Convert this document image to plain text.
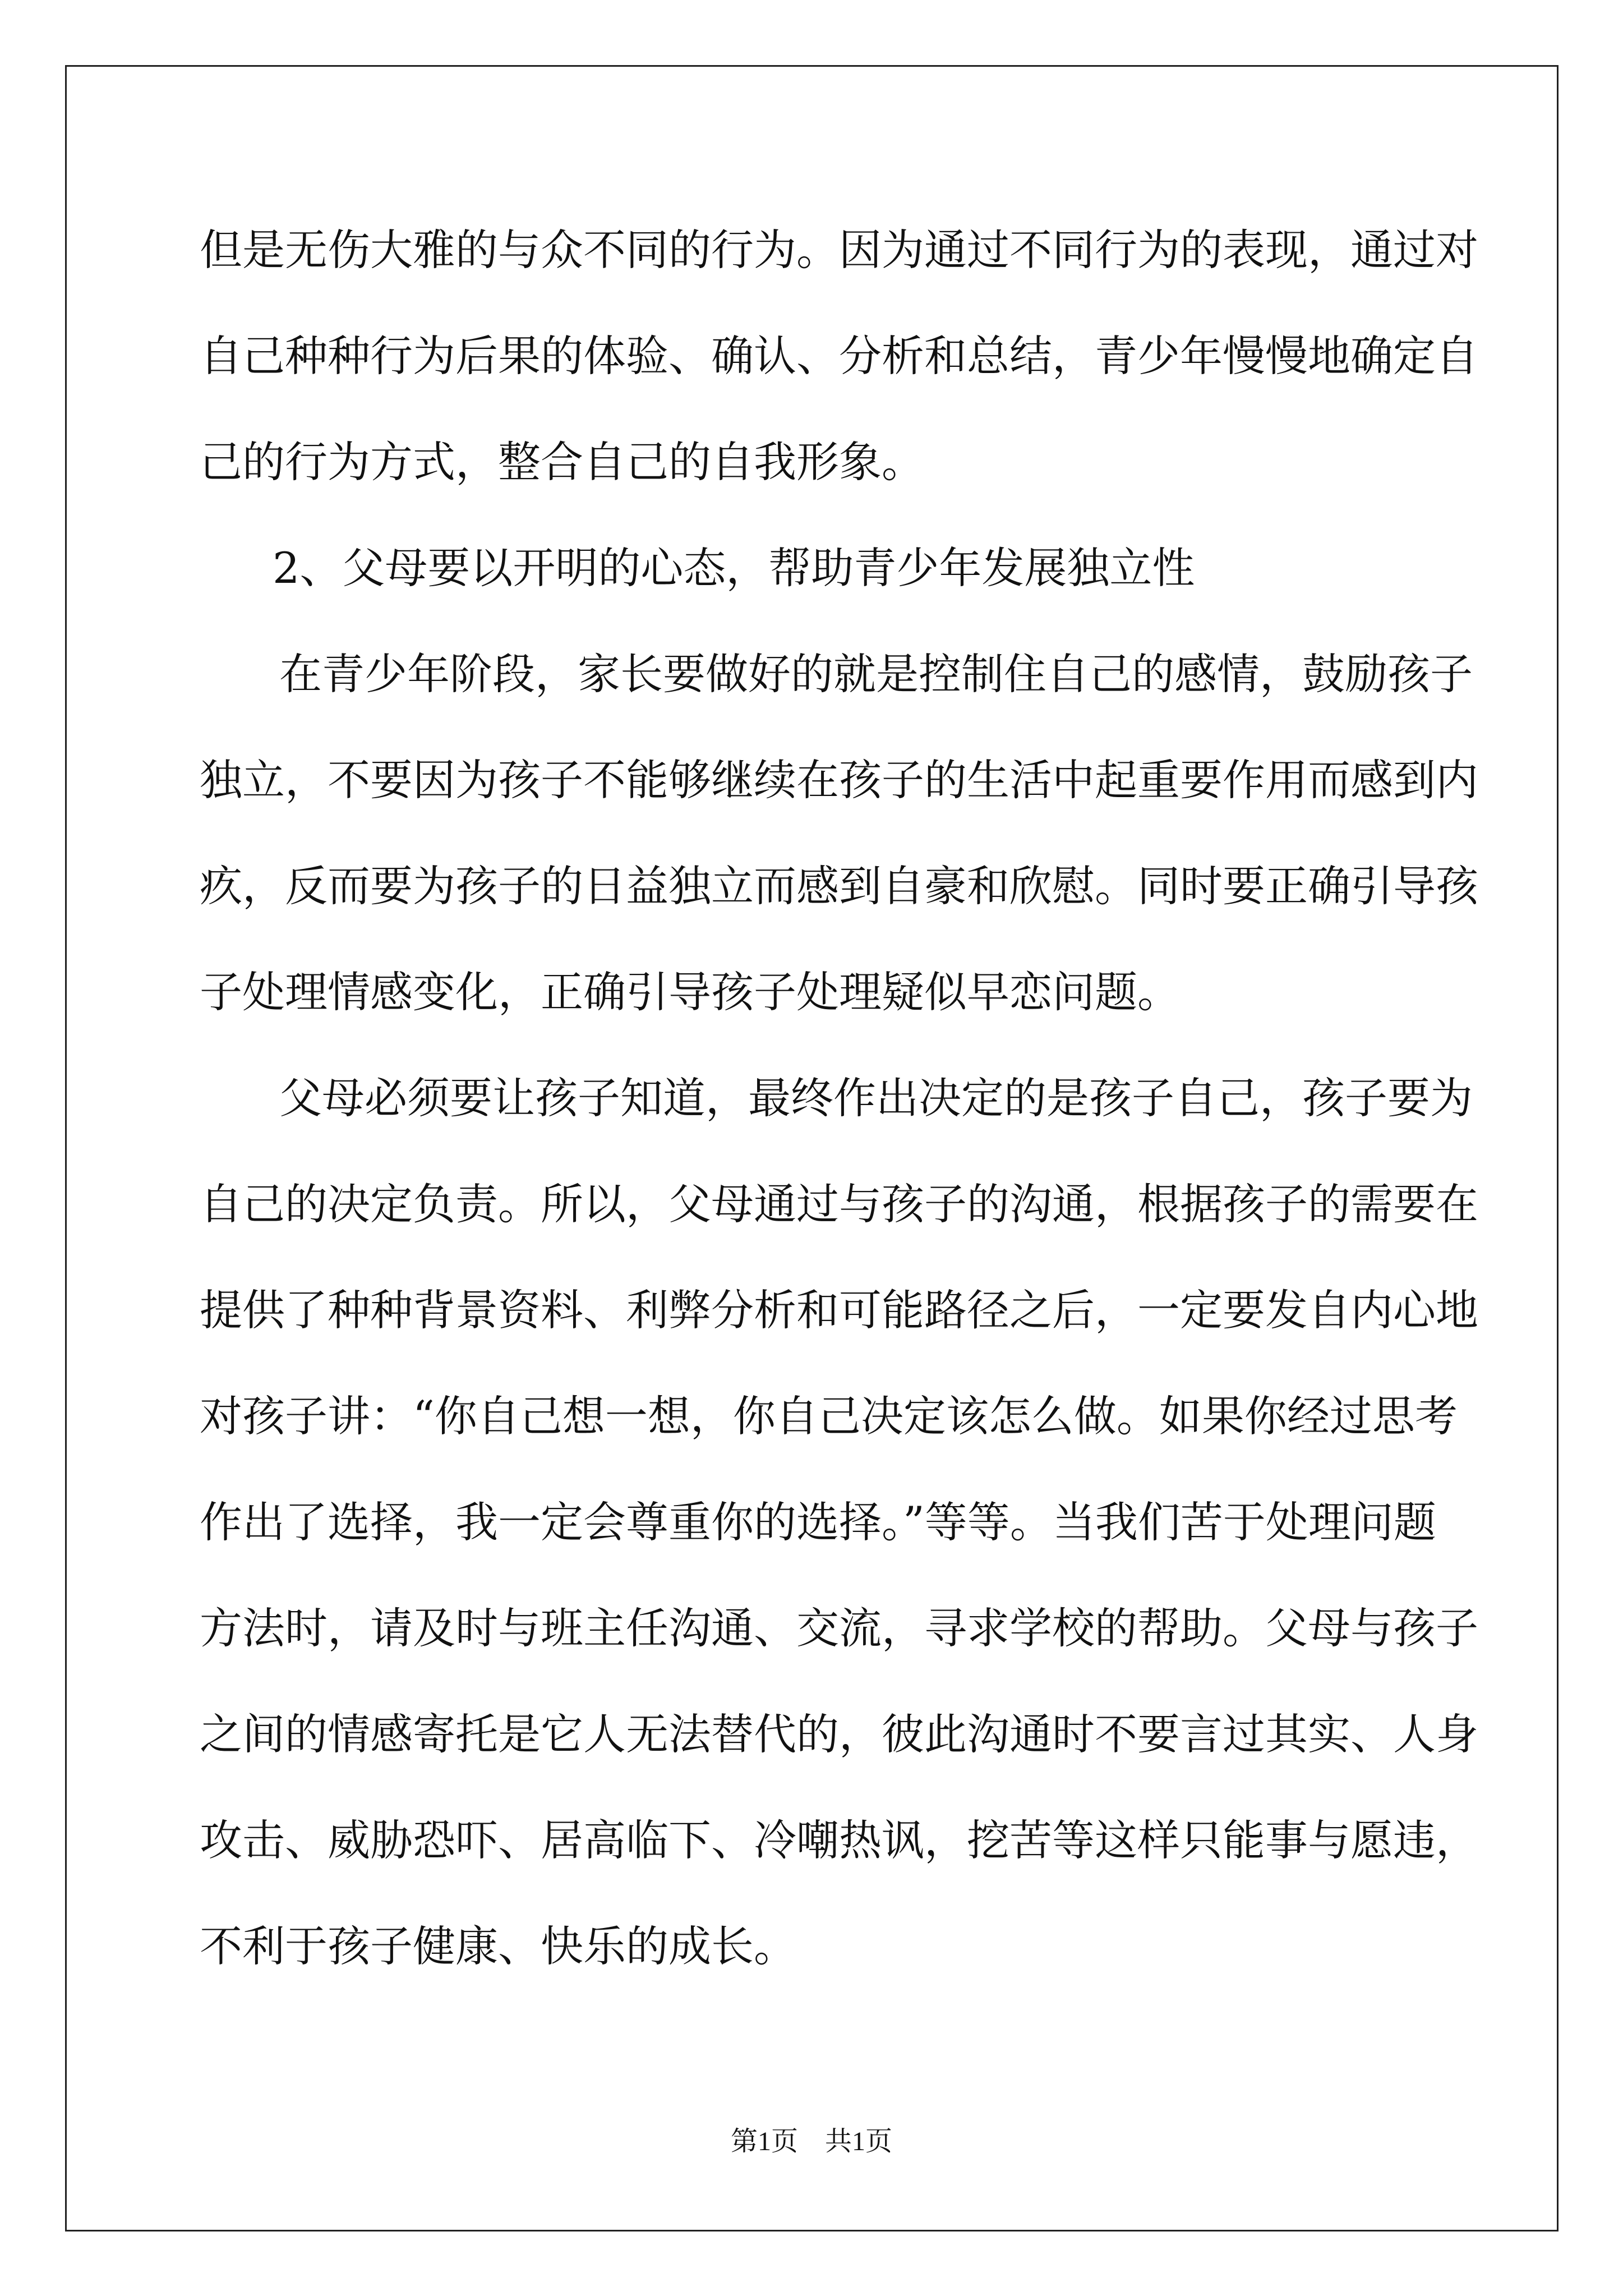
但是无伤大雅的与众不同的行为。因为通过不同行为的表现，通过对
自己种种行为后果的体验、确认、分析和总结，青少年慢慢地确定自
己的行为方式，整合自己的自我形象。
2、父母要以开明的心态，帮助青少年发展独立性
在青少年阶段，家长要做好的就是控制住自己的感情，鼓励孩子
独立，不要因为孩子不能够继续在孩子的生活中起重要作用而感到内
疚，反而要为孩子的日益独立而感到自豪和欣慰。同时要正确引导孩
子处理情感变化，正确引导孩子处理疑似早恋问题。
父母必须要让孩子知道，最终作出决定的是孩子自己，孩子要为
自己的决定负责。所以，父母通过与孩子的沟通，根据孩子的需要在
提供了种种背景资料、利弊分析和可能路径之后，一定要发自内心地
对孩子讲：“你自己想一想，你自己决定该怎么做。如果你经过思考
作出了选择，我一定会尊重你的选择。”等等。当我们苦于处理问题
方法时，请及时与班主任沟通、交流，寻求学校的帮助。父母与孩子
之间的情感寄托是它人无法替代的，彼此沟通时不要言过其实、人身
攻击、威胁恐吓、居高临下、冷嘲热讽，挖苦等这样只能事与愿违，
不利于孩子健康、快乐的成长。
第1页 共1页
